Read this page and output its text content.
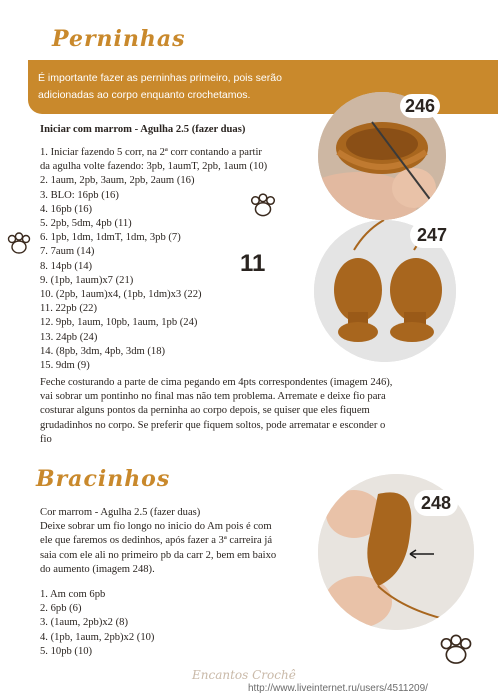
Perninhas
É importante fazer as perninhas primeiro, pois serão
adicionadas ao corpo enquanto crochetamos.
Iniciar com marrom - Agulha 2.5 (fazer duas)
1. Iniciar fazendo 5 corr, na 2ª corr contando a partir
da agulha volte fazendo: 3pb, 1aumT, 2pb, 1aum (10)
2. 1aum, 2pb, 3aum, 2pb, 2aum (16)
3. BLO: 16pb (16)
4. 16pb (16)
5. 2pb, 5dm, 4pb (11)
6. 1pb, 1dm, 1dmT, 1dm, 3pb (7)
7. 7aum (14)
8. 14pb (14)
9. (1pb, 1aum)x7 (21)
10. (2pb, 1aum)x4, (1pb, 1dm)x3 (22)
11. 22pb (22)
12. 9pb, 1aum, 10pb, 1aum, 1pb (24)
13. 24pb (24)
14. (8pb, 3dm, 4pb, 3dm (18)
15. 9dm (9)
Feche costurando a parte de cima pegando em 4pts correspondentes (imagem 246),
vai sobrar um pontinho no final mas não tem problema. Arremate e deixe fio para
costurar alguns pontos da perninha ao corpo depois, se quiser que eles fiquem
grudadinhos no corpo. Se preferir que fiquem soltos, pode arrematar e esconder o
fio
11
246
247
Bracinhos
Cor marrom - Agulha 2.5 (fazer duas)
Deixe sobrar um fio longo no inicio do Am pois é com
ele que faremos os dedinhos, após fazer a 3ª carreira já
saia com ele ali no primeiro pb da carr 2, bem em baixo
do aumento (imagem 248).
1. Am com 6pb
2. 6pb (6)
3. (1aum, 2pb)x2 (8)
4. (1pb, 1aum, 2pb)x2 (10)
5. 10pb (10)
248
Encantos Crochê
http://www.liveinternet.ru/users/4511209/
